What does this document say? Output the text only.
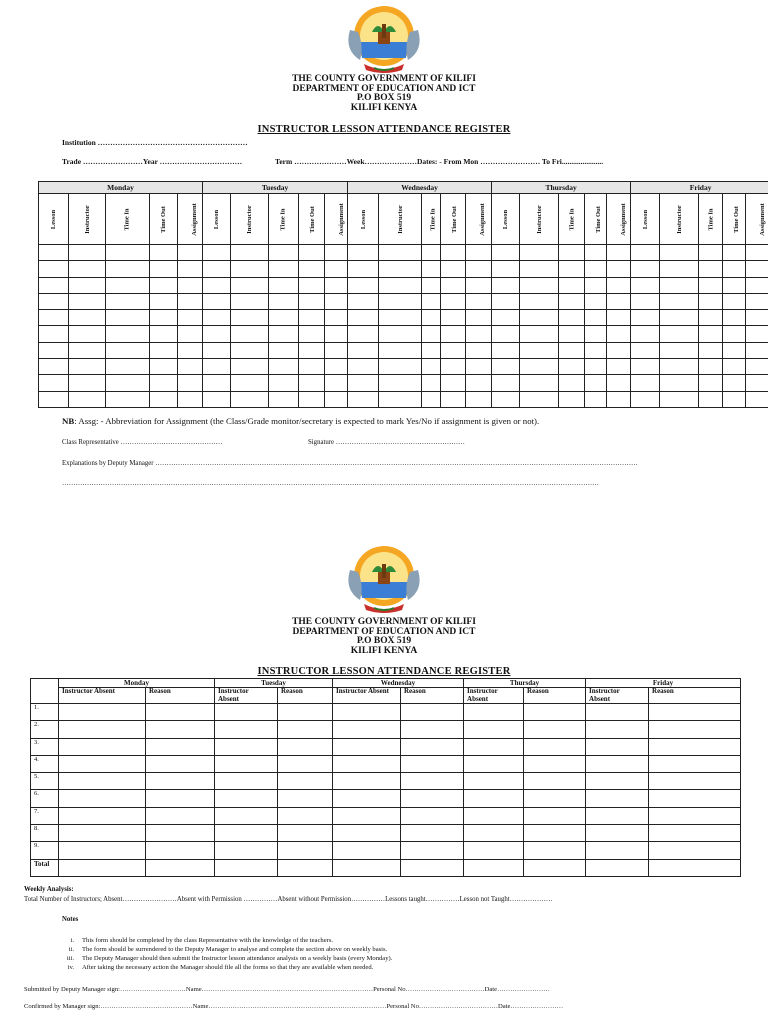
THE COUNTY GOVERNMENT OF KILIFI
DEPARTMENT OF EDUCATION AND ICT
P.O BOX 519
KILIFI KENYA
INSTRUCTOR LESSON ATTENDANCE REGISTER
Institution ……………………………………………………
Trade ……………………Year ……………………………	Term …………………Week…………………Dates: - From Mon …………………… To Fri......................
Monday					Tuesday					Wednesday					Thursday					Friday				
Lesson	Instructor	Time In	Time Out	Assignment	Lesson	Instructor	Time In	Time Out	Assignment	Lesson	Instructor	Time In	Time Out	Assignment	Lesson	Instructor	Time In	Time Out	Assignment	Lesson	Instructor	Time In	Time Out	Assignment

NB: Assg: - Abbreviation for Assignment (the Class/Grade monitor/secretary is expected to mark Yes/No if assignment is given or not).
Class Representative ………………………………………	Signature …………………………………………………
Explanations by Deputy Manager ……………………………………………………………………………………………………………………………………………………………………………………………
…………………………………………………………………………………………………………………………………………………………………………………………………………………
THE COUNTY GOVERNMENT OF KILIFI
DEPARTMENT OF EDUCATION AND ICT
P.O BOX 519
KILIFI KENYA
INSTRUCTOR LESSON ATTENDANCE REGISTER
	Monday		Tuesday		Wednesday		Thursday		Friday	
	Instructor Absent	Reason	Instructor Absent	Reason	Instructor Absent	Reason	Instructor Absent	Reason	Instructor Absent	Reason
1.										
2.										
3.										
4.										
5.										
6.										
7.										
8.										
9.										
Total										
Weekly Analysis:
Total Number of Instructors; Absent……………………Absent with Permission ……………Absent without Permission……………Lessons taught……………Lesson not Taught……………….
Notes
i. This form should be completed by the class Representative with the knowledge of the teachers.
ii. The form should be surrendered to the Deputy Manager to analyse and complete the section above on weekly basis.
iii. The Deputy Manager should then submit the Instructor lesson attendance analysis on a weekly basis (every Monday).
iv. After taking the necessary action the Manager should file all the forms so that they are available when needed.
Submitted by Deputy Manager sign:…………………………Name……………………………………………………………………Personal No………………………………Date……………………
Confirmed by Manager sign:……………………………………Name………………………………………………………………………Personal No………………………………Date……………………
